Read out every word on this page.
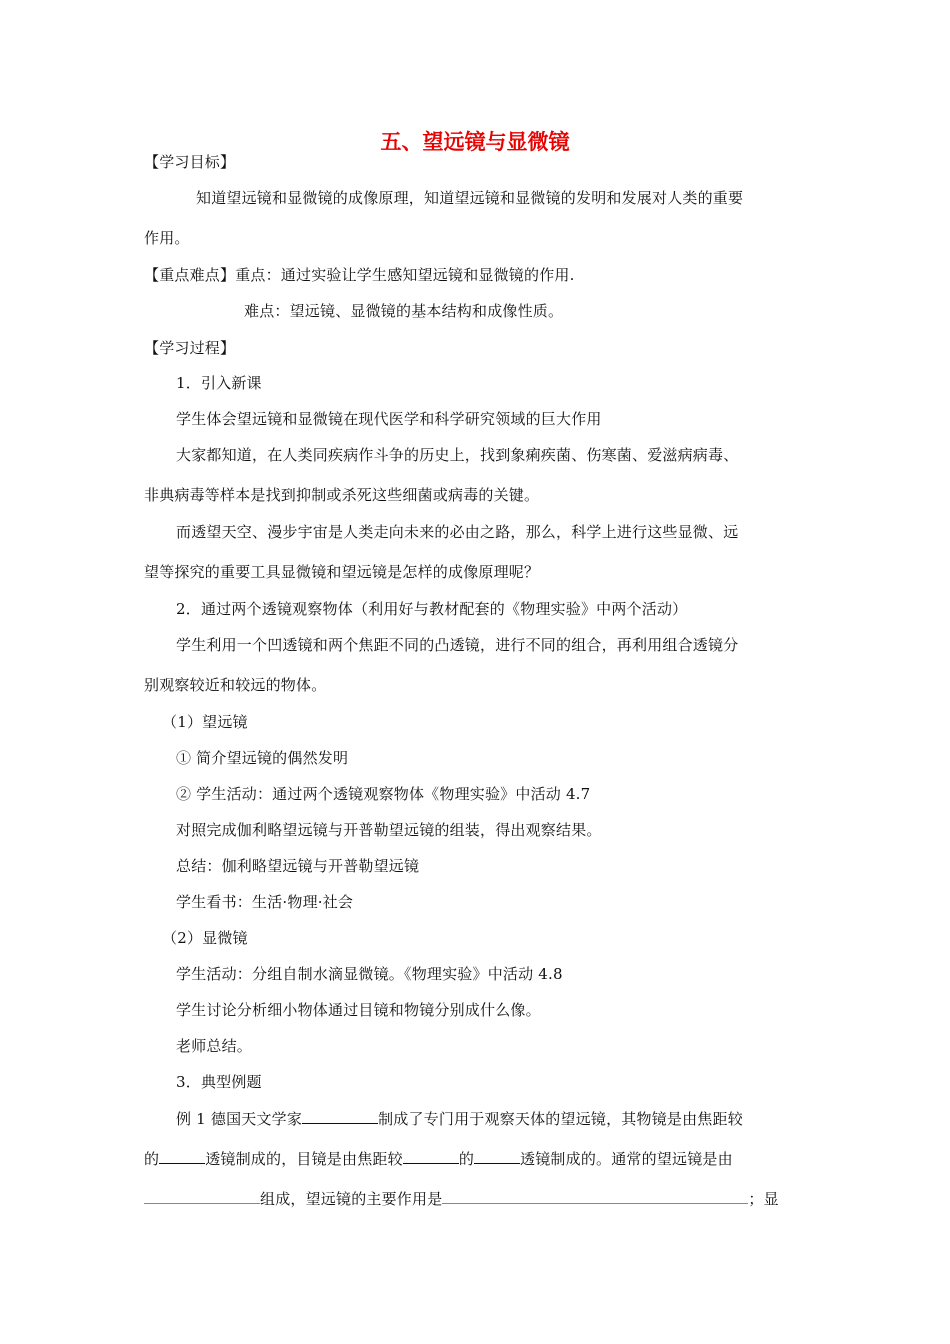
五、望远镜与显微镜
【学习目标】
知道望远镜和显微镜的成像原理，知道望远镜和显微镜的发明和发展对人类的重要
作用。
【重点难点】重点：通过实验让学生感知望远镜和显微镜的作用.
难点：望远镜、显微镜的基本结构和成像性质。
【学习过程】
1．引入新课
学生体会望远镜和显微镜在现代医学和科学研究领域的巨大作用
大家都知道，在人类同疾病作斗争的历史上，找到象痢疾菌、伤寒菌、爱滋病病毒、
非典病毒等样本是找到抑制或杀死这些细菌或病毒的关键。
而透望天空、漫步宇宙是人类走向未来的必由之路，那么，科学上进行这些显微、远
望等探究的重要工具显微镜和望远镜是怎样的成像原理呢？
2．通过两个透镜观察物体（利用好与教材配套的《物理实验》中两个活动）
学生利用一个凹透镜和两个焦距不同的凸透镜，进行不同的组合，再利用组合透镜分
别观察较近和较远的物体。
（1）望远镜
① 简介望远镜的偶然发明
② 学生活动：通过两个透镜观察物体《物理实验》中活动 4.7
对照完成伽利略望远镜与开普勒望远镜的组装，得出观察结果。
总结：伽利略望远镜与开普勒望远镜
学生看书：生活·物理·社会
（2）显微镜
学生活动：分组自制水滴显微镜。《物理实验》中活动 4.8
学生讨论分析细小物体通过目镜和物镜分别成什么像。
老师总结。
3．典型例题
例 1 德国天文学家	制成了专门用于观察天体的望远镜，其物镜是由焦距较
的	透镜制成的，目镜是由焦距较	的	透镜制成的。通常的望远镜是由
组成，望远镜的主要作用是	；显
